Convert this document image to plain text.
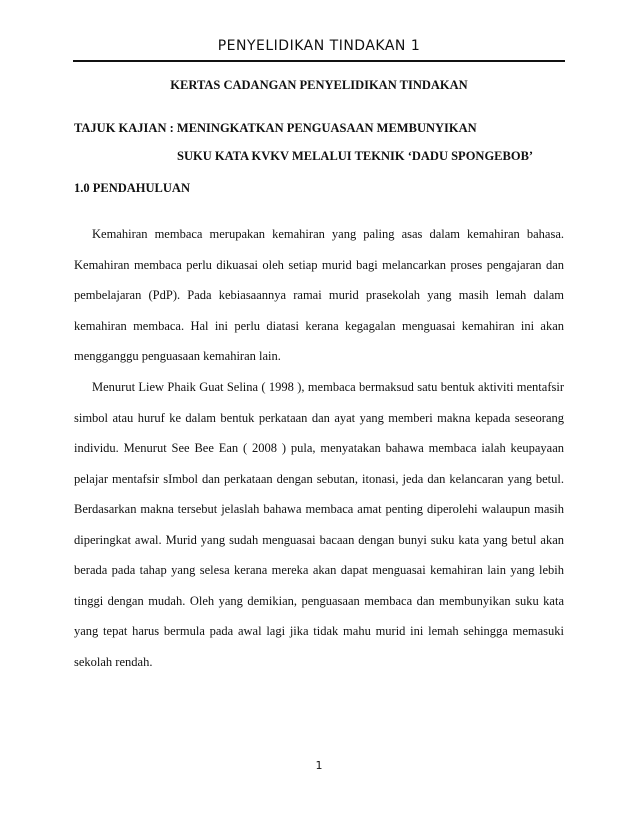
PENYELIDIKAN TINDAKAN 1
KERTAS CADANGAN PENYELIDIKAN TINDAKAN
TAJUK KAJIAN : MENINGKATKAN PENGUASAAN MEMBUNYIKAN
SUKU KATA KVKV MELALUI TEKNIK ‘DADU SPONGEBOB’
1.0 PENDAHULUAN

Kemahiran membaca merupakan kemahiran yang paling asas dalam kemahiran bahasa. Kemahiran membaca perlu dikuasai oleh setiap murid bagi melancarkan proses pengajaran dan pembelajaran (PdP). Pada kebiasaannya ramai murid prasekolah yang masih lemah dalam kemahiran membaca. Hal ini perlu diatasi kerana kegagalan menguasai kemahiran ini akan mengganggu penguasaan kemahiran lain.

Menurut Liew Phaik Guat Selina ( 1998 ), membaca bermaksud satu bentuk aktiviti mentafsir simbol atau huruf ke dalam bentuk perkataan dan ayat yang memberi makna kepada seseorang individu. Menurut See Bee Ean ( 2008 ) pula, menyatakan bahawa membaca ialah keupayaan pelajar mentafsir sImbol dan perkataan dengan sebutan, itonasi, jeda dan kelancaran yang betul. Berdasarkan makna tersebut jelaslah bahawa membaca amat penting diperolehi walaupun masih diperingkat awal. Murid yang sudah menguasai bacaan dengan bunyi suku kata yang betul akan berada pada tahap yang selesa kerana mereka akan dapat menguasai kemahiran lain yang lebih tinggi dengan mudah. Oleh yang demikian, penguasaan membaca dan membunyikan suku kata yang tepat harus bermula pada awal lagi jika tidak mahu murid ini lemah sehingga memasuki sekolah rendah.

1
